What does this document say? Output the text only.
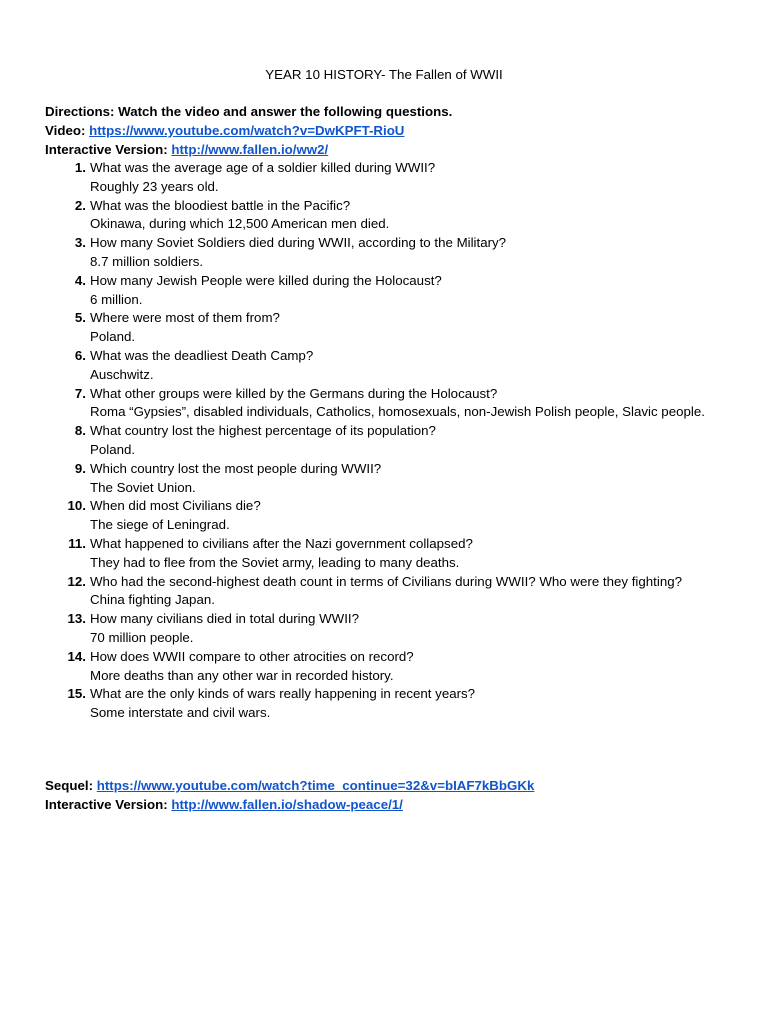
YEAR 10 HISTORY- The Fallen of WWII
Directions: Watch the video and answer the following questions.
Video: https://www.youtube.com/watch?v=DwKPFT-RioU
Interactive Version: http://www.fallen.io/ww2/
1. What was the average age of a soldier killed during WWII?
Roughly 23 years old.
2. What was the bloodiest battle in the Pacific?
Okinawa, during which 12,500 American men died.
3. How many Soviet Soldiers died during WWII, according to the Military?
8.7 million soldiers.
4. How many Jewish People were killed during the Holocaust?
6 million.
5. Where were most of them from?
Poland.
6. What was the deadliest Death Camp?
Auschwitz.
7. What other groups were killed by the Germans during the Holocaust?
Roma “Gypsies”, disabled individuals, Catholics, homosexuals, non-Jewish Polish people, Slavic people.
8. What country lost the highest percentage of its population?
Poland.
9. Which country lost the most people during WWII?
The Soviet Union.
10. When did most Civilians die?
The siege of Leningrad.
11. What happened to civilians after the Nazi government collapsed?
They had to flee from the Soviet army, leading to many deaths.
12. Who had the second-highest death count in terms of Civilians during WWII? Who were they fighting?
China fighting Japan.
13. How many civilians died in total during WWII?
70 million people.
14. How does WWII compare to other atrocities on record?
More deaths than any other war in recorded history.
15. What are the only kinds of wars really happening in recent years?
Some interstate and civil wars.
Sequel: https://www.youtube.com/watch?time_continue=32&v=bIAF7kBbGKk
Interactive Version: http://www.fallen.io/shadow-peace/1/
